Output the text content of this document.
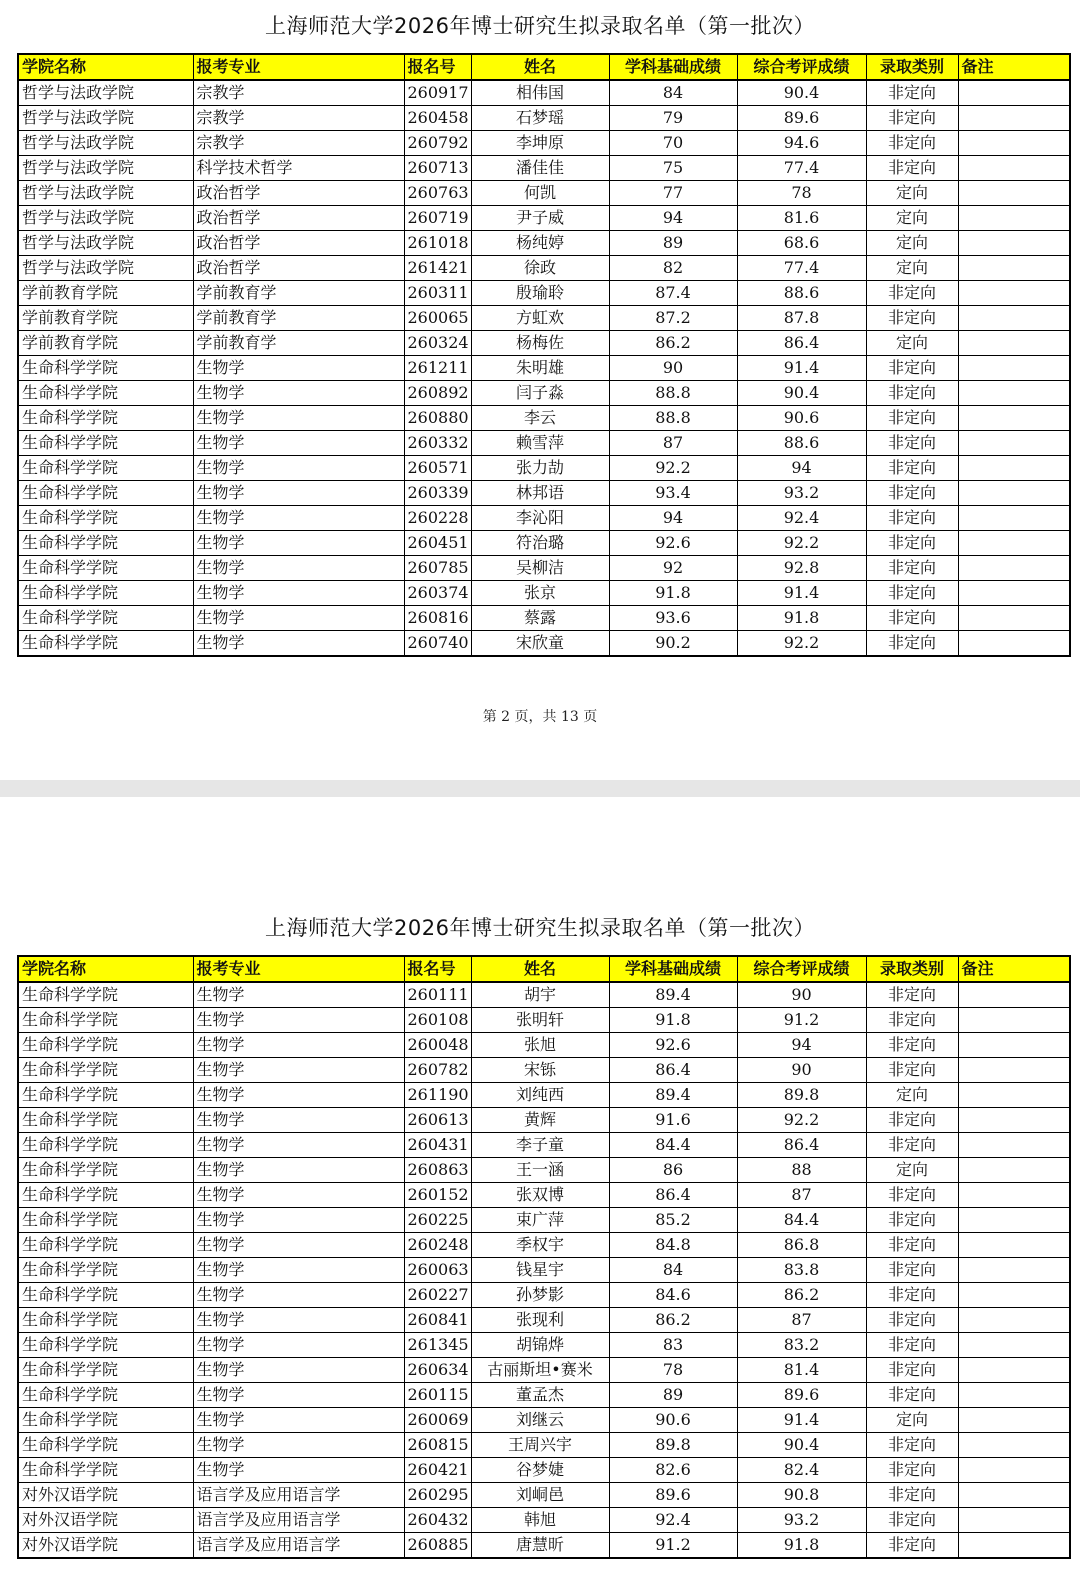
上海师范大学2026年博士研究生拟录取名单（第一批次）
学院名称	报考专业	报名号	姓名	学科基础成绩	综合考评成绩	录取类别	备注
哲学与法政学院	宗教学	260917	相伟国	84	90.4	非定向	
哲学与法政学院	宗教学	260458	石梦瑶	79	89.6	非定向	
哲学与法政学院	宗教学	260792	李坤原	70	94.6	非定向	
哲学与法政学院	科学技术哲学	260713	潘佳佳	75	77.4	非定向	
哲学与法政学院	政治哲学	260763	何凯	77	78	定向	
哲学与法政学院	政治哲学	260719	尹子威	94	81.6	定向	
哲学与法政学院	政治哲学	261018	杨纯婷	89	68.6	定向	
哲学与法政学院	政治哲学	261421	徐政	82	77.4	定向	
学前教育学院	学前教育学	260311	殷瑜聆	87.4	88.6	非定向	
学前教育学院	学前教育学	260065	方虹欢	87.2	87.8	非定向	
学前教育学院	学前教育学	260324	杨梅佐	86.2	86.4	定向	
生命科学学院	生物学	261211	朱明雄	90	91.4	非定向	
生命科学学院	生物学	260892	闫子淼	88.8	90.4	非定向	
生命科学学院	生物学	260880	李云	88.8	90.6	非定向	
生命科学学院	生物学	260332	赖雪萍	87	88.6	非定向	
生命科学学院	生物学	260571	张力劼	92.2	94	非定向	
生命科学学院	生物学	260339	林邦语	93.4	93.2	非定向	
生命科学学院	生物学	260228	李沁阳	94	92.4	非定向	
生命科学学院	生物学	260451	符治璐	92.6	92.2	非定向	
生命科学学院	生物学	260785	吴柳洁	92	92.8	非定向	
生命科学学院	生物学	260374	张京	91.8	91.4	非定向	
生命科学学院	生物学	260816	蔡露	93.6	91.8	非定向	
生命科学学院	生物学	260740	宋欣童	90.2	92.2	非定向	
第 2 页，共 13 页
上海师范大学2026年博士研究生拟录取名单（第一批次）
学院名称	报考专业	报名号	姓名	学科基础成绩	综合考评成绩	录取类别	备注
生命科学学院	生物学	260111	胡宇	89.4	90	非定向	
生命科学学院	生物学	260108	张明轩	91.8	91.2	非定向	
生命科学学院	生物学	260048	张旭	92.6	94	非定向	
生命科学学院	生物学	260782	宋铄	86.4	90	非定向	
生命科学学院	生物学	261190	刘纯西	89.4	89.8	定向	
生命科学学院	生物学	260613	黄辉	91.6	92.2	非定向	
生命科学学院	生物学	260431	李子童	84.4	86.4	非定向	
生命科学学院	生物学	260863	王一涵	86	88	定向	
生命科学学院	生物学	260152	张双博	86.4	87	非定向	
生命科学学院	生物学	260225	束广萍	85.2	84.4	非定向	
生命科学学院	生物学	260248	季权宇	84.8	86.8	非定向	
生命科学学院	生物学	260063	钱星宇	84	83.8	非定向	
生命科学学院	生物学	260227	孙梦影	84.6	86.2	非定向	
生命科学学院	生物学	260841	张现利	86.2	87	非定向	
生命科学学院	生物学	261345	胡锦烨	83	83.2	非定向	
生命科学学院	生物学	260634	古丽斯坦•赛米	78	81.4	非定向	
生命科学学院	生物学	260115	董孟杰	89	89.6	非定向	
生命科学学院	生物学	260069	刘继云	90.6	91.4	定向	
生命科学学院	生物学	260815	王周兴宇	89.8	90.4	非定向	
生命科学学院	生物学	260421	谷梦婕	82.6	82.4	非定向	
对外汉语学院	语言学及应用语言学	260295	刘峒邑	89.6	90.8	非定向	
对外汉语学院	语言学及应用语言学	260432	韩旭	92.4	93.2	非定向	
对外汉语学院	语言学及应用语言学	260885	唐慧昕	91.2	91.8	非定向	
